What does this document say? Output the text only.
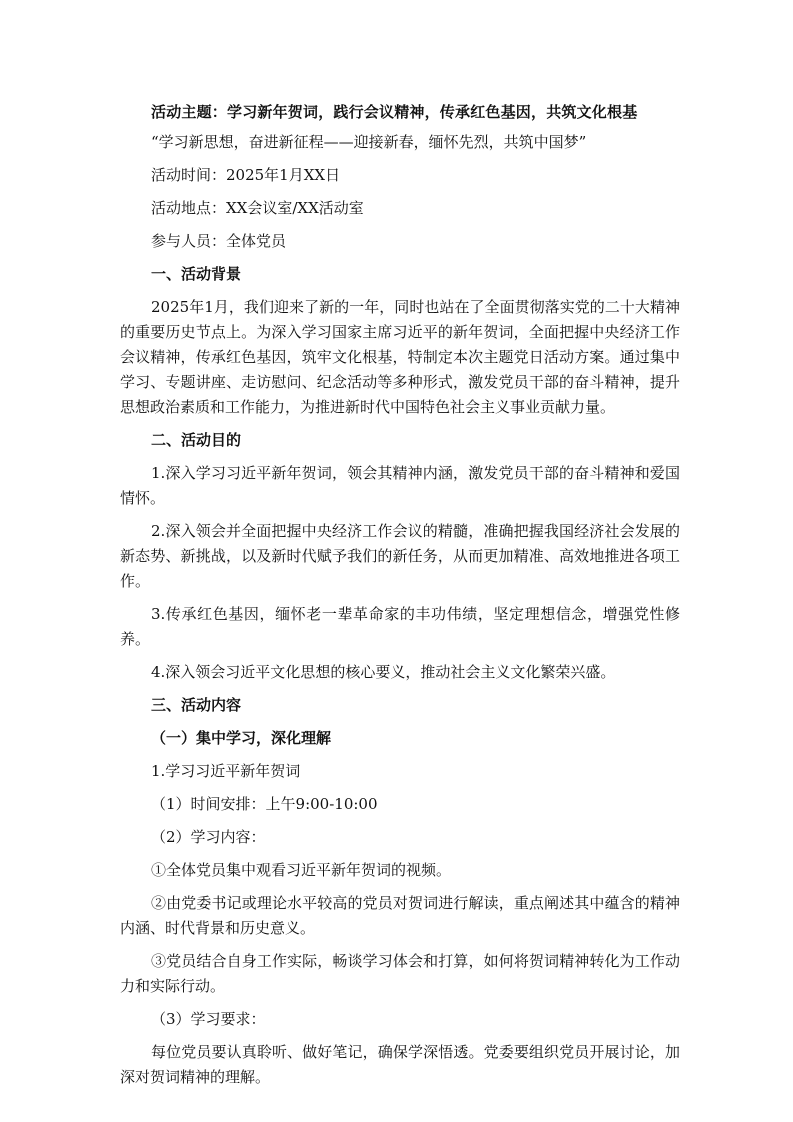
活动主题：学习新年贺词，践行会议精神，传承红色基因，共筑文化根基
“学习新思想，奋进新征程——迎接新春，缅怀先烈，共筑中国梦”
活动时间：2025年1月XX日
活动地点：XX会议室/XX活动室
参与人员：全体党员
一、活动背景
2025年1月，我们迎来了新的一年，同时也站在了全面贯彻落实党的二十大精神的重要历史节点上。为深入学习国家主席习近平的新年贺词，全面把握中央经济工作会议精神，传承红色基因，筑牢文化根基，特制定本次主题党日活动方案。通过集中学习、专题讲座、走访慰问、纪念活动等多种形式，激发党员干部的奋斗精神，提升思想政治素质和工作能力，为推进新时代中国特色社会主义事业贡献力量。
二、活动目的
1.深入学习习近平新年贺词，领会其精神内涵，激发党员干部的奋斗精神和爱国情怀。
2.深入领会并全面把握中央经济工作会议的精髓，准确把握我国经济社会发展的新态势、新挑战，以及新时代赋予我们的新任务，从而更加精准、高效地推进各项工作。
3.传承红色基因，缅怀老一辈革命家的丰功伟绩，坚定理想信念，增强党性修养。
4.深入领会习近平文化思想的核心要义，推动社会主义文化繁荣兴盛。
三、活动内容
（一）集中学习，深化理解
1.学习习近平新年贺词
（1）时间安排：上午9:00-10:00
（2）学习内容：
①全体党员集中观看习近平新年贺词的视频。
②由党委书记或理论水平较高的党员对贺词进行解读，重点阐述其中蕴含的精神内涵、时代背景和历史意义。
③党员结合自身工作实际，畅谈学习体会和打算，如何将贺词精神转化为工作动力和实际行动。
（3）学习要求：
每位党员要认真聆听、做好笔记，确保学深悟透。党委要组织党员开展讨论，加深对贺词精神的理解。
